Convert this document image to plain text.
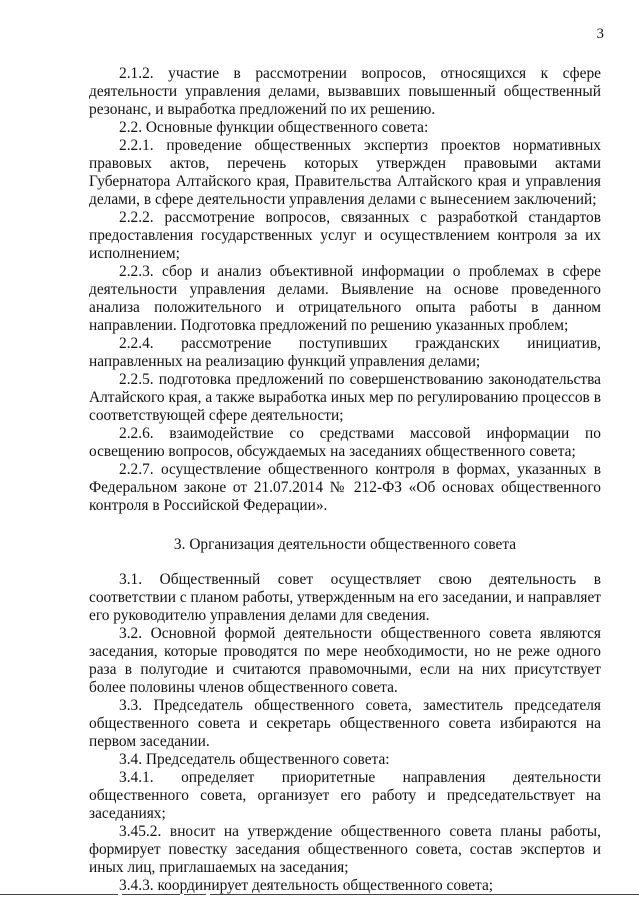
3

2.1.2. участие в рассмотрении вопросов, относящихся к сфере деятельности управления делами, вызвавших повышенный общественный резонанс, и выработка предложений по их решению.

2.2. Основные функции общественного совета:

2.2.1. проведение общественных экспертиз проектов нормативных правовых актов, перечень которых утвержден правовыми актами Губернатора Алтайского края, Правительства Алтайского края и управления делами, в сфере деятельности управления делами с вынесением заключений;

2.2.2. рассмотрение вопросов, связанных с разработкой стандартов предоставления государственных услуг и осуществлением контроля за их исполнением;

2.2.3. сбор и анализ объективной информации о проблемах в сфере деятельности управления делами. Выявление на основе проведенного анализа положительного и отрицательного опыта работы в данном направлении. Подготовка предложений по решению указанных проблем;

2.2.4. рассмотрение поступивших гражданских инициатив, направленных на реализацию функций управления делами;

2.2.5. подготовка предложений по совершенствованию законодательства Алтайского края, а также выработка иных мер по регулированию процессов в соответствующей сфере деятельности;

2.2.6. взаимодействие со средствами массовой информации по освещению вопросов, обсуждаемых на заседаниях общественного совета;

2.2.7. осуществление общественного контроля в формах, указанных в Федеральном законе от 21.07.2014 № 212-ФЗ «Об основах общественного контроля в Российской Федерации».

3. Организация деятельности общественного совета

3.1. Общественный совет осуществляет свою деятельность в соответствии с планом работы, утвержденным на его заседании, и направляет его руководителю управления делами для сведения.

3.2. Основной формой деятельности общественного совета являются заседания, которые проводятся по мере необходимости, но не реже одного раза в полугодие и считаются правомочными, если на них присутствует более половины членов общественного совета.

3.3. Председатель общественного совета, заместитель председателя общественного совета и секретарь общественного совета избираются на первом заседании.

3.4. Председатель общественного совета:

3.4.1. определяет приоритетные направления деятельности общественного совета, организует его работу и председательствует на заседаниях;

3.45.2. вносит на утверждение общественного совета планы работы, формирует повестку заседания общественного совета, состав экспертов и иных лиц, приглашаемых на заседания;

3.4.3. координирует деятельность общественного совета;
